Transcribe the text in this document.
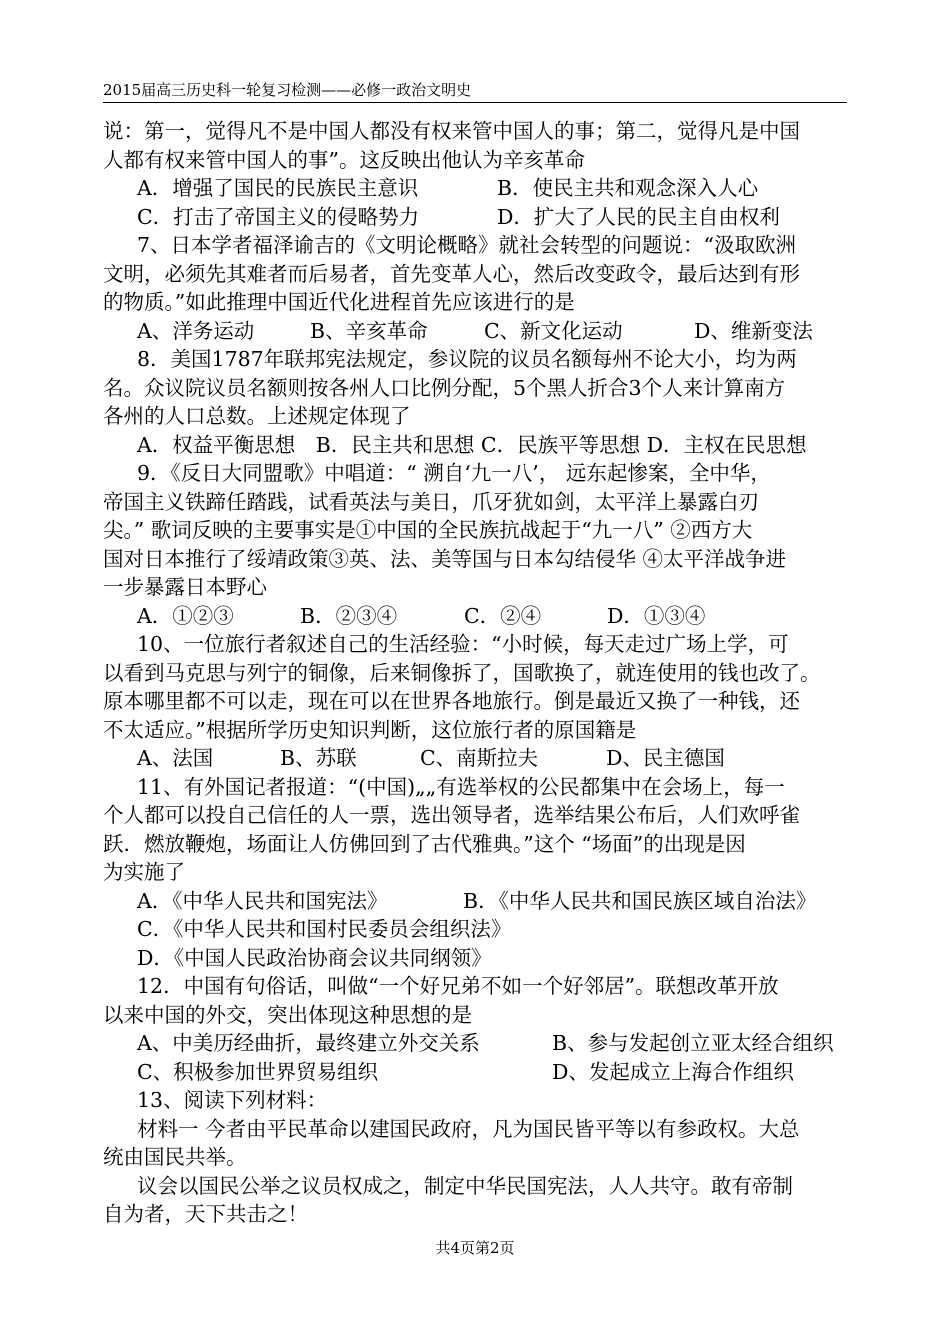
2015届高三历史科一轮复习检测——必修一政治文明史
说：第一，觉得凡不是中国人都没有权来管中国人的事；第二，觉得凡是中国
人都有权来管中国人的事”。这反映出他认为辛亥革命
A．增强了国民的民族民主意识	B．使民主共和观念深入人心
C．打击了帝国主义的侵略势力	D．扩大了人民的民主自由权利
7、日本学者福泽谕吉的《文明论概略》就社会转型的问题说：“汲取欧洲
文明，必须先其难者而后易者，首先变革人心，然后改变政令，最后达到有形
的物质。”如此推理中国近代化进程首先应该进行的是
A、洋务运动	B、辛亥革命	C、新文化运动	D、维新变法
8．美国1787年联邦宪法规定，参议院的议员名额每州不论大小，均为两
名。众议院议员名额则按各州人口比例分配，5个黑人折合3个人来计算南方
各州的人口总数。上述规定体现了
A．权益平衡思想　B．民主共和思想 C．民族平等思想 D．主权在民思想
9．《反日大同盟歌》中唱道：“ 溯自‘九一八’， 远东起惨案，全中华，
帝国主义铁蹄任踏践，试看英法与美日，爪牙犹如剑，太平洋上暴露白刃
尖。” 歌词反映的主要事实是①中国的全民族抗战起于“九一八” ②西方大
国对日本推行了绥靖政策③英、法、美等国与日本勾结侵华 ④太平洋战争进
一步暴露日本野心
A．①②③	B．②③④	C．②④	D．①③④
10、一位旅行者叙述自己的生活经验：“小时候，每天走过广场上学，可
以看到马克思与列宁的铜像，后来铜像拆了，国歌换了，就连使用的钱也改了。
原本哪里都不可以走，现在可以在世界各地旅行。倒是最近又换了一种钱，还
不太适应。”根据所学历史知识判断，这位旅行者的原国籍是
A、法国	B、苏联	C、南斯拉夫	D、民主德国
11、有外国记者报道：“(中国)„„有选举权的公民都集中在会场上，每一
个人都可以投自己信任的人一票，选出领导者，选举结果公布后，人们欢呼雀
跃．燃放鞭炮，场面让人仿佛回到了古代雅典。”这个 “场面”的出现是因
为实施了
A．《中华人民共和国宪法》	B．《中华人民共和国民族区域自治法》
C．《中华人民共和国村民委员会组织法》
D．《中国人民政治协商会议共同纲领》
12．中国有句俗话，叫做“一个好兄弟不如一个好邻居”。联想改革开放
以来中国的外交，突出体现这种思想的是
A、中美历经曲折，最终建立外交关系	B、参与发起创立亚太经合组织
C、积极参加世界贸易组织	D、发起成立上海合作组织
13、阅读下列材料：
材料一 今者由平民革命以建国民政府，凡为国民皆平等以有参政权。大总
统由国民共举。
议会以国民公举之议员权成之，制定中华民国宪法，人人共守。敢有帝制
自为者，天下共击之！
共4页第2页
